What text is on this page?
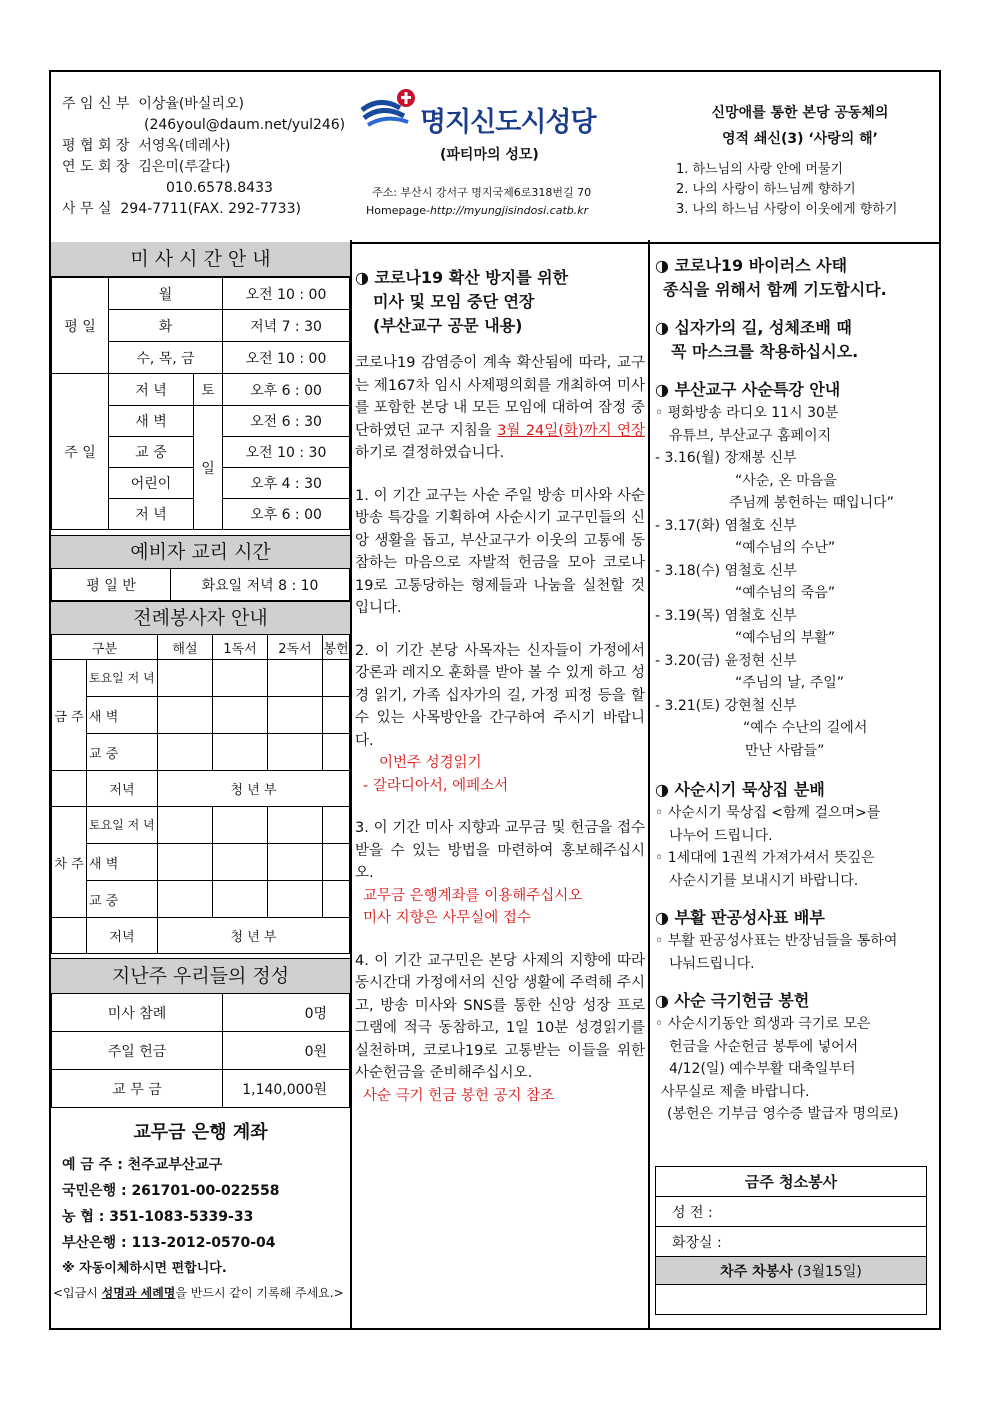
주 임 신 부 이상율(바실리오)
(246youl@daum.net/yul246)
평 협 회 장 서영옥(데레사)
연 도 회 장 김은미(루갈다)
010.6578.8433
사 무 실 294-7711(FAX. 292-7733)
명지신도시성당
(파티마의 성모)
주소: 부산시 강서구 명지국제6로318번길 70
Homepage-http://myungjisindosi.catb.kr
신망애를 통한 본당 공동체의
영적 쇄신(3) ‘사랑의 해’
1. 하느님의 사랑 안에 머물기
2. 나의 사랑이 하느님께 향하기
3. 나의 하느님 사랑이 이웃에게 향하기
미 사 시 간 안 내
평 일	월		오전 10 : 00
	화		저녁 7 : 30
	수, 목, 금		오전 10 : 00
주 일	저 녁	토	오후 6 : 00
	새 벽	일	오전 6 : 30
	교 중		오전 10 : 30
	어린이		오후 4 : 30
	저 녁		오후 6 : 00
예비자 교리 시간
평 일 반	화요일 저녁 8 : 10
전례봉사자 안내
구분		해설	1독서	2독서	봉헌
금 주	토요일 저 녁				
	새 벽				
	교 중				
	저녁	청 년 부			
차 주	토요일 저 녁				
	새 벽				
	교 중				
	저녁	청 년 부			
지난주 우리들의 정성
미사 참례	0명
주일 헌금	0원
교 무 금	1,140,000원
교무금 은행 계좌
예 금 주 : 천주교부산교구
국민은행 : 261701-00-022558
농 협 : 351-1083-5339-33
부산은행 : 113-2012-0570-04
※ 자동이체하시면 편합니다.
<입금시 성명과 세례명을 반드시 같이 기록해 주세요.>
◑ 코로나19 확산 방지를 위한
미사 및 모임 중단 연장
(부산교구 공문 내용)

코로나19 감염증이 계속 확산됨에 따라, 교구는 제167차 임시 사제평의회를 개최하여 미사를 포함한 본당 내 모든 모임에 대하여 잠정 중단하였던 교구 지침을 3월 24일(화)까지 연장하기로 결정하였습니다.

1. 이 기간 교구는 사순 주일 방송 미사와 사순 방송 특강을 기획하여 사순시기 교구민들의 신앙 생활을 돕고, 부산교구가 이웃의 고통에 동참하는 마음으로 자발적 헌금을 모아 코로나19로 고통당하는 형제들과 나눔을 실천할 것입니다.

2. 이 기간 본당 사목자는 신자들이 가정에서 강론과 레지오 훈화를 받아 볼 수 있게 하고 성경 읽기, 가족 십자가의 길, 가정 피정 등을 할 수 있는 사목방안을 간구하여 주시기 바랍니다.

이번주 성경읽기
- 갈라디아서, 에페소서

3. 이 기간 미사 지향과 교무금 및 헌금을 접수받을 수 있는 방법을 마련하여 홍보해주십시오.

교무금 은행계좌를 이용해주십시오
미사 지향은 사무실에 접수

4. 이 기간 교구민은 본당 사제의 지향에 따라 동시간대 가정에서의 신앙 생활에 주력해 주시고, 방송 미사와 SNS를 통한 신앙 성장 프로그램에 적극 동참하고, 1일 10분 성경읽기를 실천하며, 코로나19로 고통받는 이들을 위한 사순헌금을 준비해주십시오.

사순 극기 헌금 봉헌 공지 참조
◑ 코로나19 바이러스 사태
종식을 위해서 함께 기도합시다.
◑ 십자가의 길, 성체조배 때
꼭 마스크를 착용하십시오.
◑ 부산교구 사순특강 안내
◦ 평화방송 라디오 11시 30분
유튜브, 부산교구 홈페이지
- 3.16(월) 장재봉 신부
“사순, 온 마음을
주님께 봉헌하는 때입니다”
- 3.17(화) 염철호 신부
“예수님의 수난”
- 3.18(수) 염철호 신부
“예수님의 죽음”
- 3.19(목) 염철호 신부
“예수님의 부활”
- 3.20(금) 윤정현 신부
“주님의 날, 주일”
- 3.21(토) 강현철 신부
“예수 수난의 길에서
만난 사람들”
◑ 사순시기 묵상집 분배
◦ 사순시기 묵상집 <함께 걸으며>를
나누어 드립니다.
◦ 1세대에 1권씩 가져가셔서 뜻깊은
사순시기를 보내시기 바랍니다.
◑ 부활 판공성사표 배부
◦ 부활 판공성사표는 반장님들을 통하여
나눠드립니다.
◑ 사순 극기헌금 봉헌
◦ 사순시기동안 희생과 극기로 모은
헌금을 사순헌금 봉투에 넣어서
4/12(일) 예수부활 대축일부터
사무실로 제출 바랍니다.
(봉헌은 기부금 영수증 발급자 명의로)
금주 청소봉사
성 전 :
화장실 :
차주 차봉사 (3월15일)
